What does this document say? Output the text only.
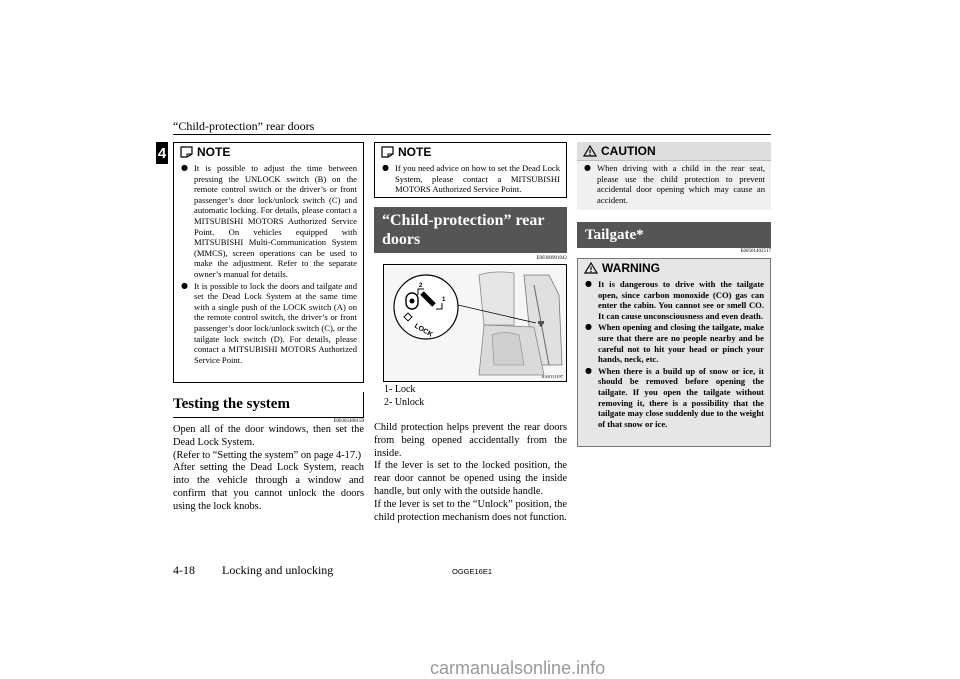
“Child-protection” rear doors
4	NOTE
● It is possible to adjust the time between pressing the UNLOCK switch (B) on the remote control switch or the driver’s or front passenger’s door lock/unlock switch (C) and automatic locking. For details, please contact a MITSUBISHI MOTORS Authorized Service Point. On vehicles equipped with MITSUBISHI Multi-Communication System (MMCS), screen operations can be used to make the adjustment. Refer to the separate owner’s manual for details.
● It is possible to lock the doors and tailgate and set the Dead Lock System at the same time with a single push of the LOCK switch (A) on the remote control switch, the driver’s or front passenger’s door lock/unlock switch (C), or the tailgate lock switch (D). For details, please contact a MITSUBISHI MOTORS Authorized Service Point.
Testing the system
E00305400159

Open all of the door windows, then set the Dead Lock System.

(Refer to “Setting the system” on page 4-17.)

After setting the Dead Lock System, reach into the vehicle through a window and confirm that you cannot unlock the doors using the lock knobs.

NOTE
● If you need advice on how to set the Dead Lock System, please contact a MITSUBISHI MOTORS Authorized Service Point.
“Child-protection” rear doors
E00300901042
2
1
LOCK
AA0111197
1- Lock
2- Unlock

Child protection helps prevent the rear doors from being opened accidentally from the inside.

If the lever is set to the locked position, the rear door cannot be opened using the inside handle, but only with the outside handle.

If the lever is set to the “Unlock” position, the child protection mechanism does not function.

CAUTION
● When driving with a child in the rear seat, please use the child protection to prevent accidental door opening which may cause an accident.
Tailgate*
E00501402517
WARNING
● It is dangerous to drive with the tailgate open, since carbon monoxide (CO) gas can enter the cabin. You cannot see or smell CO. It can cause unconsciousness and even death.
● When opening and closing the tailgate, make sure that there are no people nearby and be careful not to hit your head or pinch your hands, neck, etc.
● When there is a build up of snow or ice, it should be removed before opening the tailgate. If you open the tailgate without removing it, there is a possibility that the tailgate may close suddenly due to the weight of that snow or ice.
4-18 Locking and unlocking	OGGE16E1
carmanualsonline.info
